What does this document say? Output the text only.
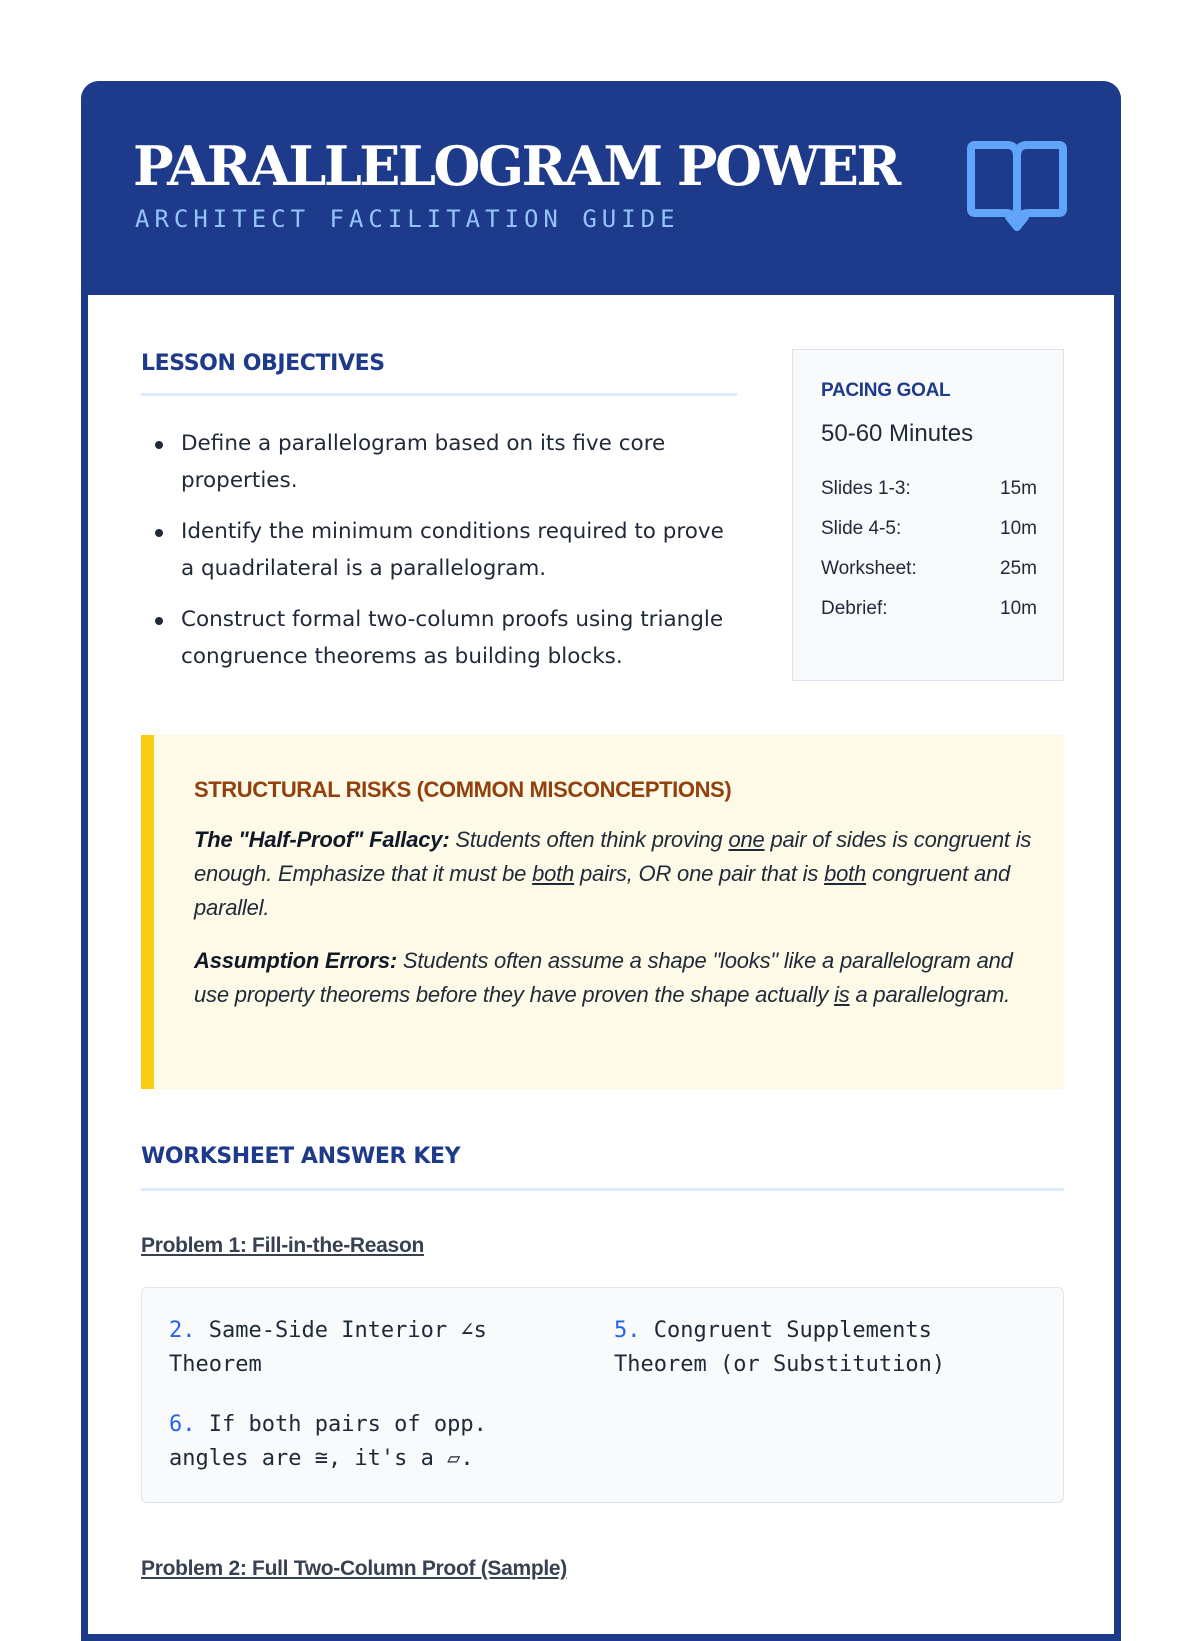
PARALLELOGRAM POWER
ARCHITECT FACILITATION GUIDE
LESSON OBJECTIVES
Define a parallelogram based on its five core properties.
Identify the minimum conditions required to prove a quadrilateral is a parallelogram.
Construct formal two-column proofs using triangle congruence theorems as building blocks.
PACING GOAL
50-60 Minutes
Slides 1-3:	15m
Slide 4-5:	10m
Worksheet:	25m
Debrief:	10m
STRUCTURAL RISKS (COMMON MISCONCEPTIONS)

The "Half-Proof" Fallacy: Students often think proving one pair of sides is congruent is enough. Emphasize that it must be both pairs, OR one pair that is both congruent and parallel.

Assumption Errors: Students often assume a shape "looks" like a parallelogram and use property theorems before they have proven the shape actually is a parallelogram.

WORKSHEET ANSWER KEY
Problem 1: Fill-in-the-Reason

2. Same-Side Interior ∠s Theorem

5. Congruent Supplements Theorem (or Substitution)

6. If both pairs of opp. angles are ≅, it's a ▱.

Problem 2: Full Two-Column Proof (Sample)
